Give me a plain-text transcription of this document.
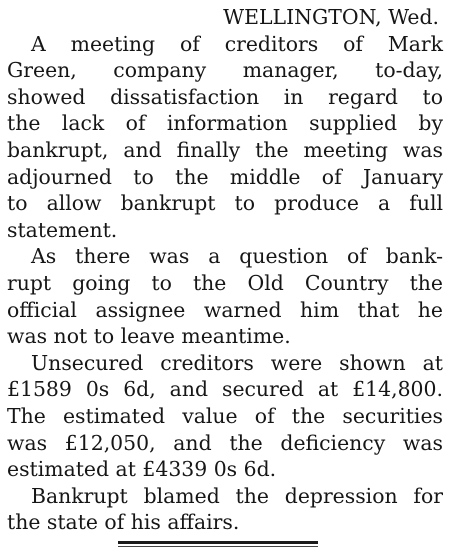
WELLINGTON, Wed.

A meeting of creditors of Mark
Green, company manager, to-day,
showed dissatisfaction in regard to
the lack of information supplied by
bankrupt, and finally the meeting was
adjourned to the middle of January
to allow bankrupt to produce a full
statement.

As there was a question of bank-
rupt going to the Old Country the
official assignee warned him that he
was not to leave meantime.

Unsecured creditors were shown at
£1589 0s 6d, and secured at £14,800.
The estimated value of the securities
was £12,050, and the deficiency was
estimated at £4339 0s 6d.

Bankrupt blamed the depression for
the state of his affairs.
